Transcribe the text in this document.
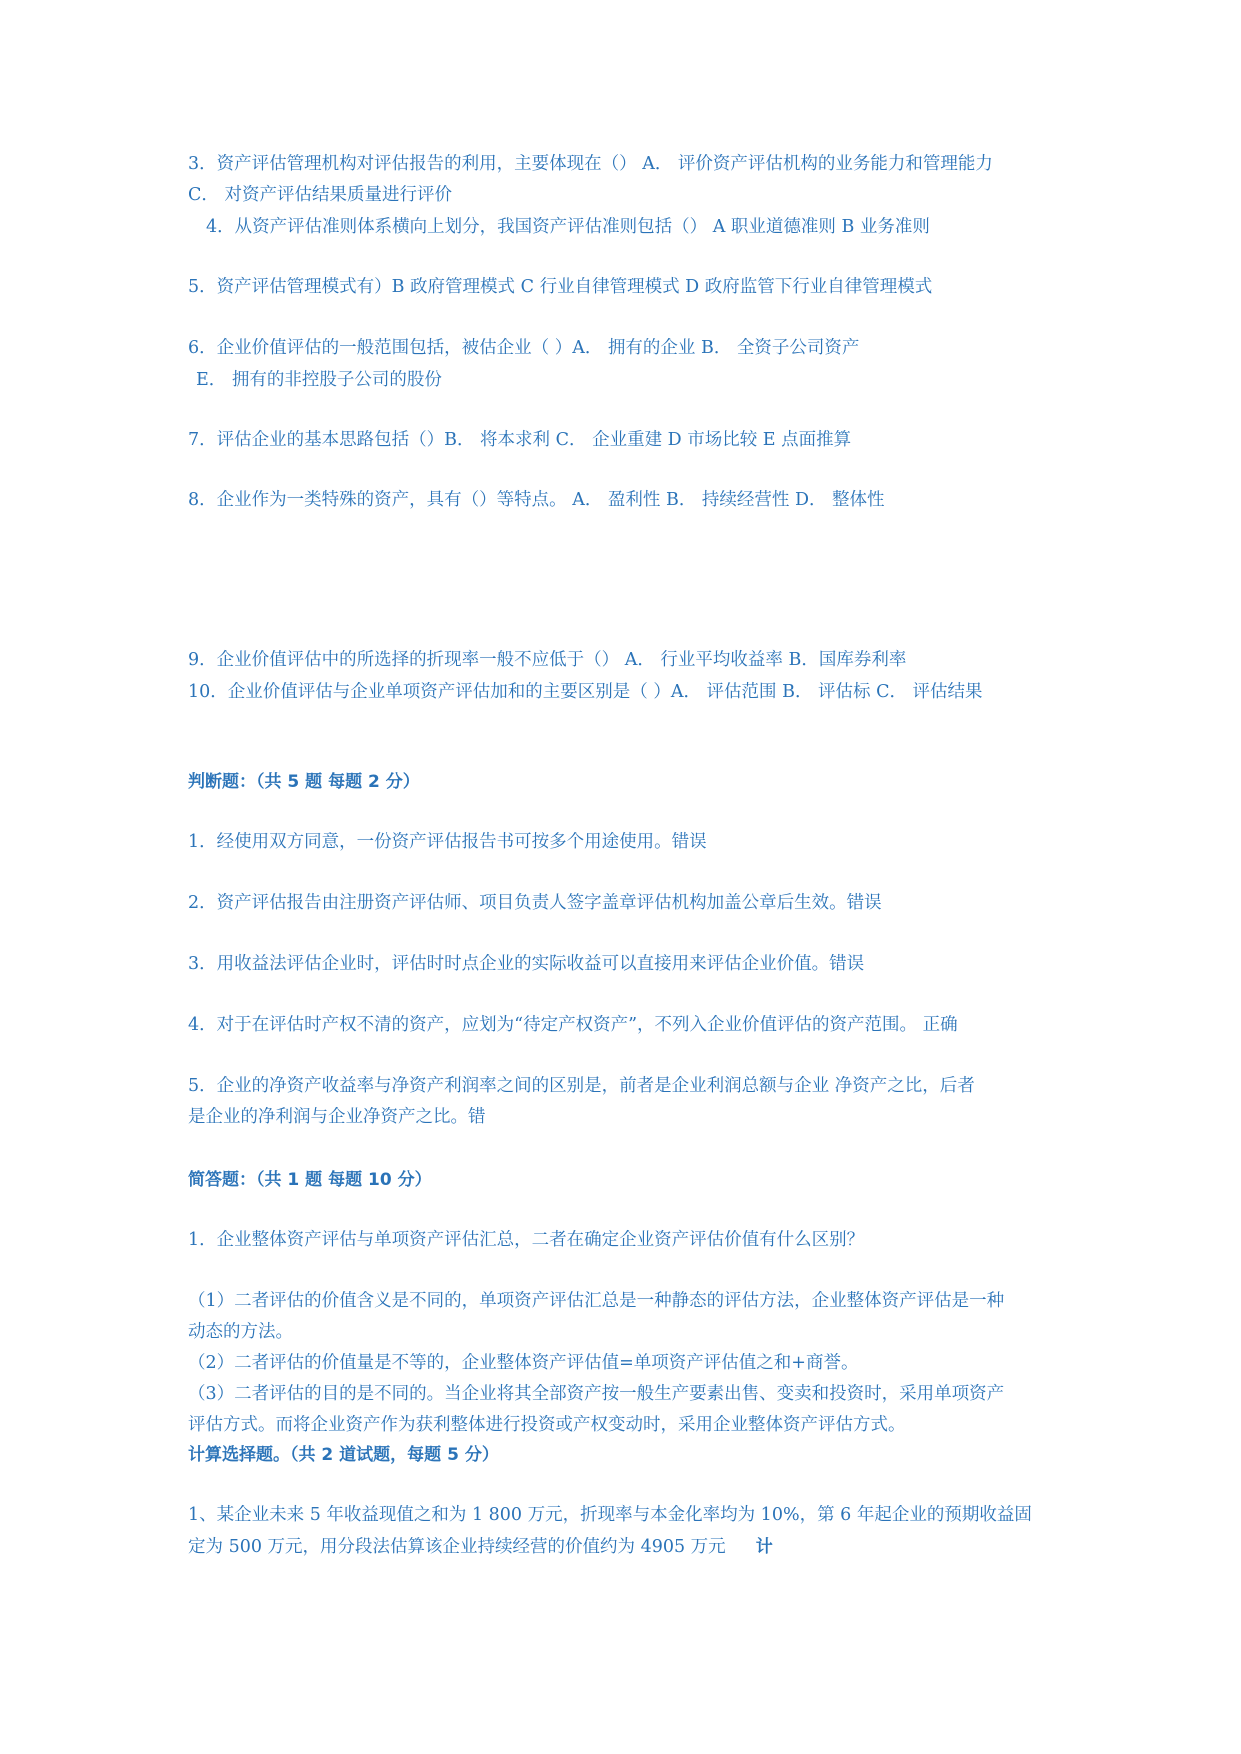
3．资产评估管理机构对评估报告的利用，主要体现在（） A． 评价资产评估机构的业务能力和管理能力
C． 对资产评估结果质量进行评价
4．从资产评估准则体系横向上划分，我国资产评估准则包括（） A 职业道德准则 B 业务准则
5．资产评估管理模式有）B 政府管理模式 C 行业自律管理模式 D 政府监管下行业自律管理模式
6．企业价值评估的一般范围包括，被估企业（ ）A． 拥有的企业 B． 全资子公司资产
E． 拥有的非控股子公司的股份
7．评估企业的基本思路包括（）B． 将本求利 C． 企业重建 D 市场比较 E 点面推算
8．企业作为一类特殊的资产，具有（）等特点。 A． 盈利性 B． 持续经营性 D． 整体性
9．企业价值评估中的所选择的折现率一般不应低于（） A． 行业平均收益率 B．国库券利率
10．企业价值评估与企业单项资产评估加和的主要区别是（ ）A． 评估范围 B． 评估标 C． 评估结果
判断题：（共 5 题 每题 2 分）
1．经使用双方同意，一份资产评估报告书可按多个用途使用。错误
2．资产评估报告由注册资产评估师、项目负责人签字盖章评估机构加盖公章后生效。错误
3．用收益法评估企业时，评估时时点企业的实际收益可以直接用来评估企业价值。错误
4．对于在评估时产权不清的资产，应划为“待定产权资产”，不列入企业价值评估的资产范围。 正确
5．企业的净资产收益率与净资产利润率之间的区别是，前者是企业利润总额与企业 净资产之比，后者
是企业的净利润与企业净资产之比。错
简答题：（共 1 题 每题 10 分）
1．企业整体资产评估与单项资产评估汇总，二者在确定企业资产评估价值有什么区别？
（1）二者评估的价值含义是不同的，单项资产评估汇总是一种静态的评估方法，企业整体资产评估是一种
动态的方法。
（2）二者评估的价值量是不等的，企业整体资产评估值=单项资产评估值之和+商誉。
（3）二者评估的目的是不同的。当企业将其全部资产按一般生产要素出售、变卖和投资时，采用单项资产
评估方式。而将企业资产作为获利整体进行投资或产权变动时，采用企业整体资产评估方式。
计算选择题。（共 2 道试题，每题 5 分）
1、某企业未来 5 年收益现值之和为 1 800 万元，折现率与本金化率均为 10%，第 6 年起企业的预期收益固
定为 500 万元，用分段法估算该企业持续经营的价值约为 4905 万元 计
